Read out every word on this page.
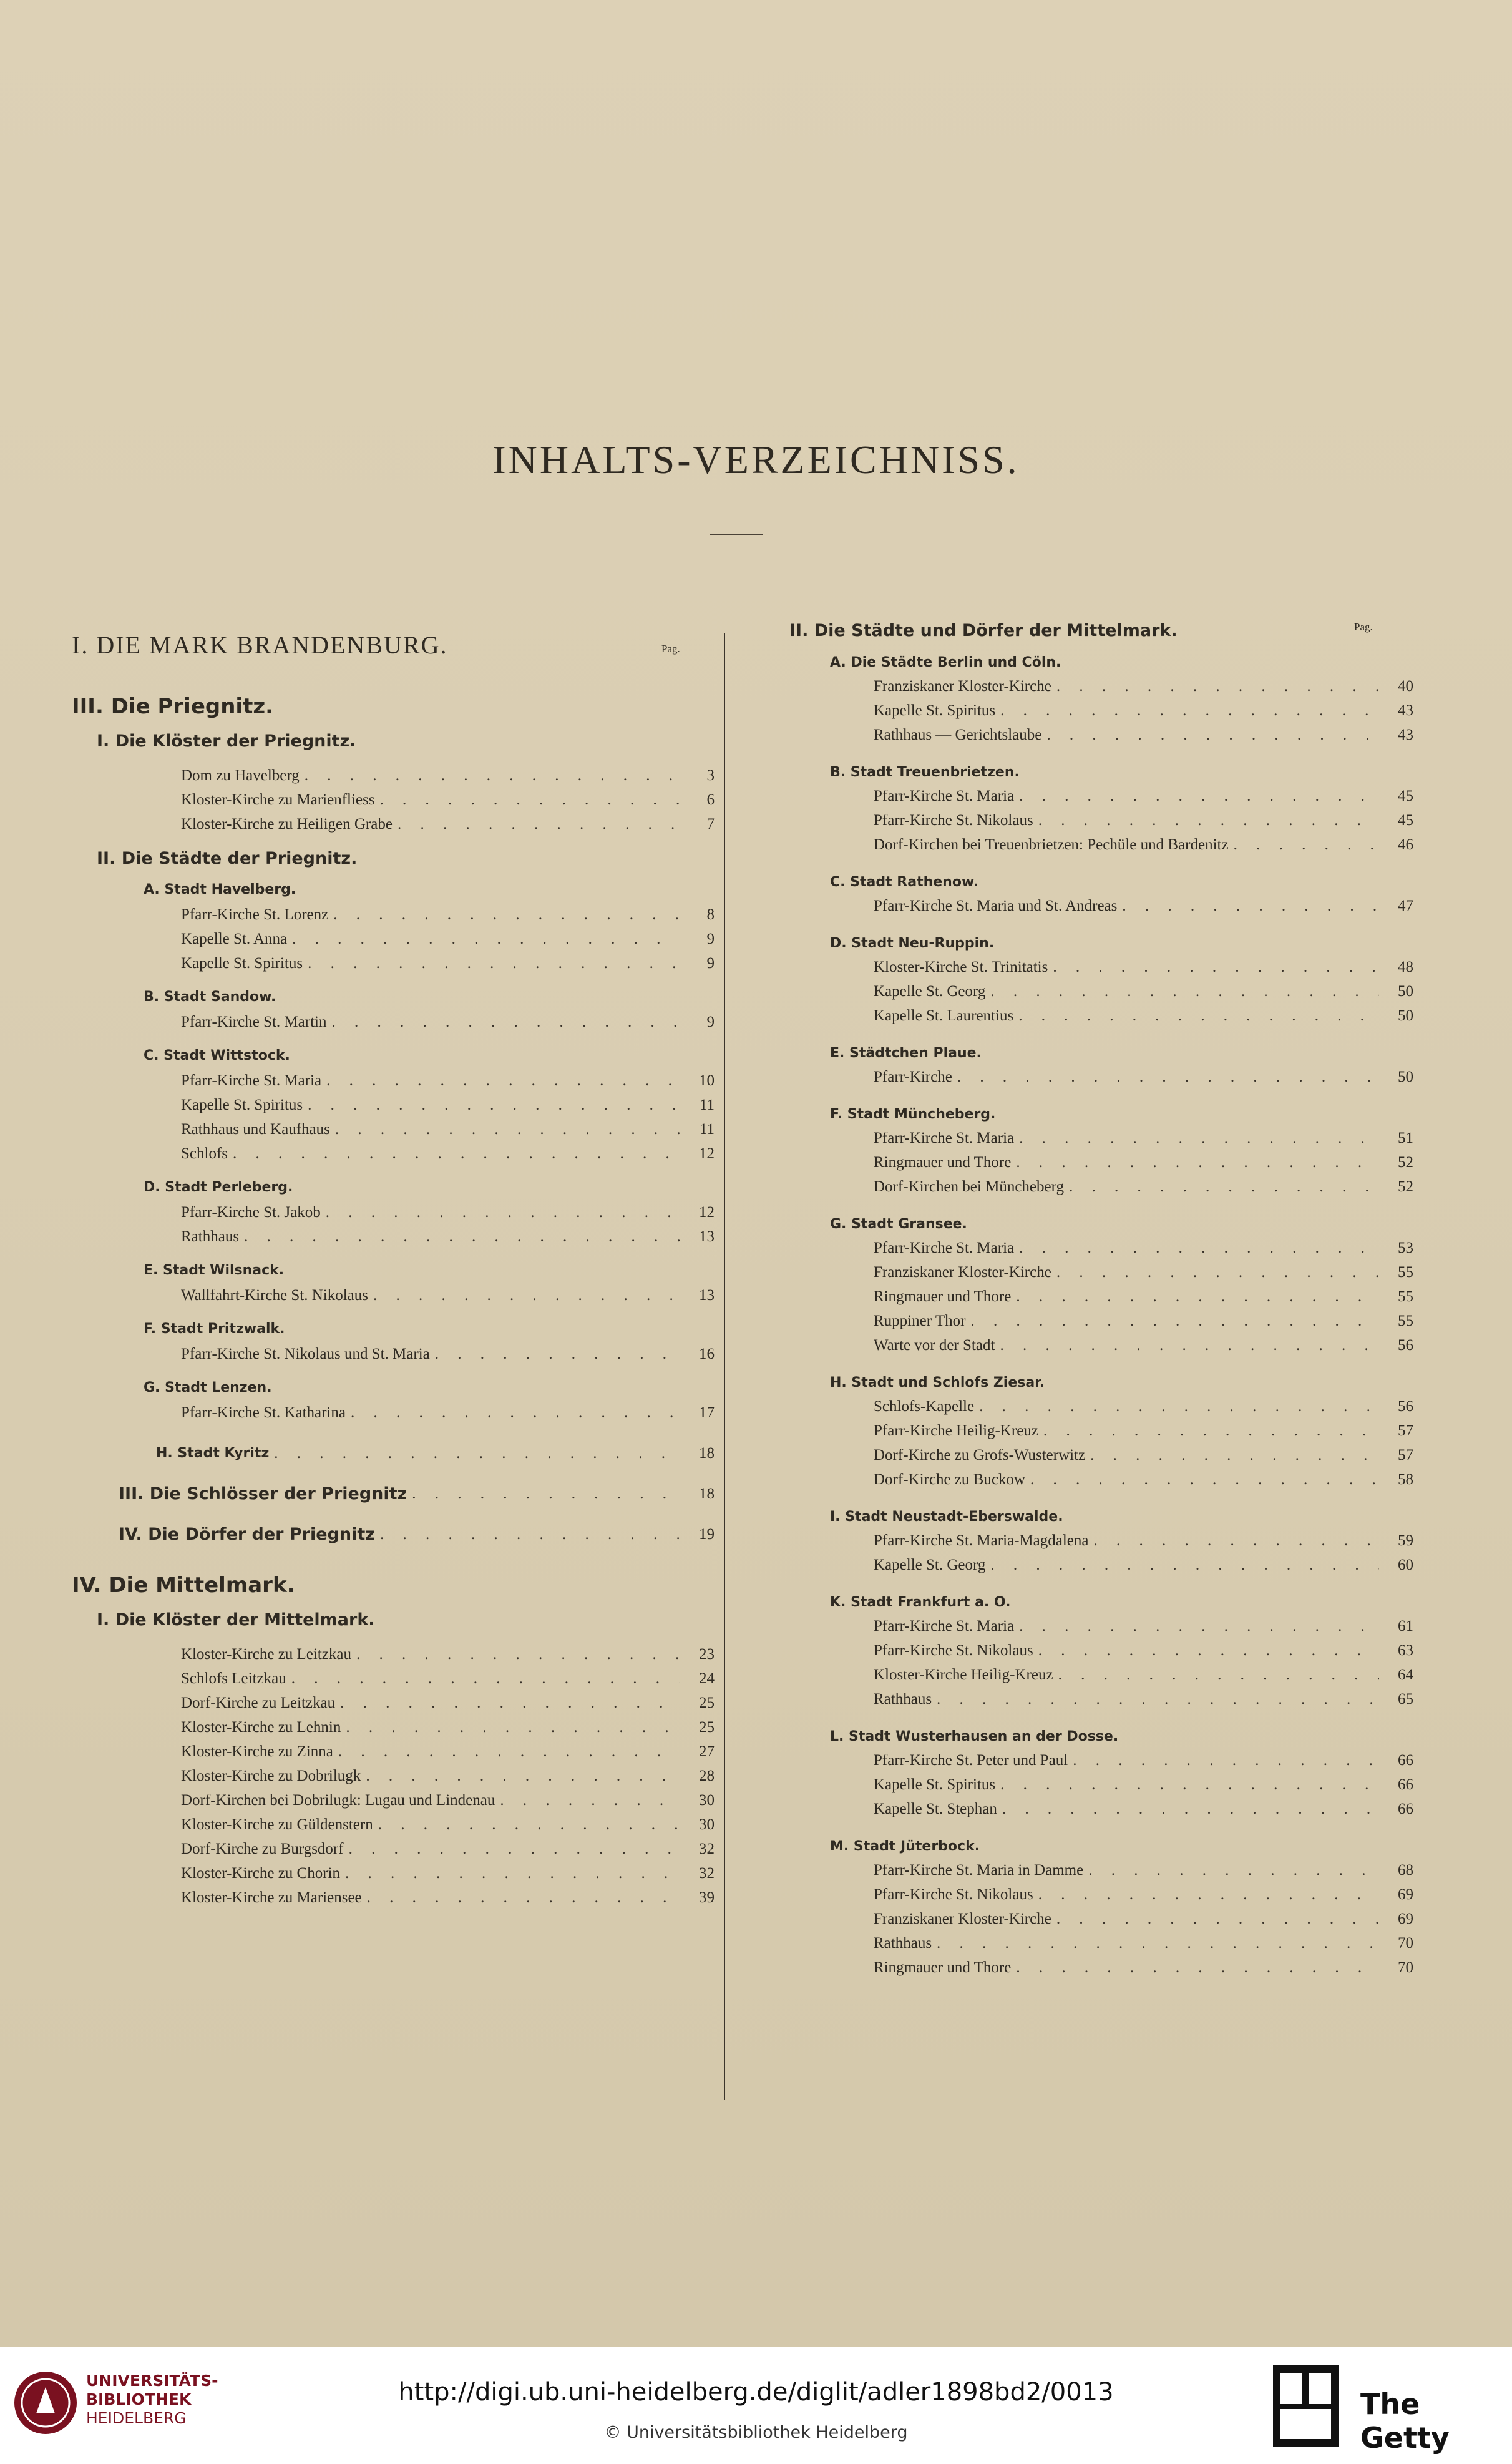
INHALTS-VERZEICHNISS.
I. DIE MARK BRANDENBURG.	Pag.
III. Die Priegnitz.
I. Die Klöster der Priegnitz.
Dom zu Havelberg . . .	3
Kloster-Kirche zu Marienfliess . . .	6
Kloster-Kirche zu Heiligen Grabe . . .	7
II. Die Städte der Priegnitz.
A. Stadt Havelberg.
Pfarr-Kirche St. Lorenz . . .	8
Kapelle St. Anna . . .	9
Kapelle St. Spiritus . . .	9
B. Stadt Sandow.
Pfarr-Kirche St. Martin . . .	9
C. Stadt Wittstock.
Pfarr-Kirche St. Maria . . .	10
Kapelle St. Spiritus . . .	11
Rathhaus und Kaufhaus . . .	11
Schlofs . . .	12
D. Stadt Perleberg.
Pfarr-Kirche St. Jakob . . .	12
Rathhaus . . .	13
E. Stadt Wilsnack.
Wallfahrt-Kirche St. Nikolaus . . .	13
F. Stadt Pritzwalk.
Pfarr-Kirche St. Nikolaus und St. Maria . . .	16
G. Stadt Lenzen.
Pfarr-Kirche St. Katharina . . .	17
H. Stadt Kyritz . . .	18
III. Die Schlösser der Priegnitz . . .	18
IV. Die Dörfer der Priegnitz . . .	19
IV. Die Mittelmark.
I. Die Klöster der Mittelmark.
Kloster-Kirche zu Leitzkau . . .	23
Schlofs Leitzkau . . .	24
Dorf-Kirche zu Leitzkau . . .	25
Kloster-Kirche zu Lehnin . . .	25
Kloster-Kirche zu Zinna . . .	27
Kloster-Kirche zu Dobrilugk . . .	28
Dorf-Kirchen bei Dobrilugk: Lugau und Lindenau . . .	30
Kloster-Kirche zu Güldenstern . . .	30
Dorf-Kirche zu Burgsdorf . . .	32
Kloster-Kirche zu Chorin . . .	32
Kloster-Kirche zu Mariensee . . .	39
II. Die Städte und Dörfer der Mittelmark.	Pag.
A. Die Städte Berlin und Cöln.
Franziskaner Kloster-Kirche . . .	40
Kapelle St. Spiritus . . .	43
Rathhaus — Gerichtslaube . . .	43
B. Stadt Treuenbrietzen.
Pfarr-Kirche St. Maria . . .	45
Pfarr-Kirche St. Nikolaus . . .	45
Dorf-Kirchen bei Treuenbrietzen: Pechüle und Bardenitz . . .	46
C. Stadt Rathenow.
Pfarr-Kirche St. Maria und St. Andreas . . .	47
D. Stadt Neu-Ruppin.
Kloster-Kirche St. Trinitatis . . .	48
Kapelle St. Georg . . .	50
Kapelle St. Laurentius . . .	50
E. Städtchen Plaue.
Pfarr-Kirche . . .	50
F. Stadt Müncheberg.
Pfarr-Kirche St. Maria . . .	51
Ringmauer und Thore . . .	52
Dorf-Kirchen bei Müncheberg . . .	52
G. Stadt Gransee.
Pfarr-Kirche St. Maria . . .	53
Franziskaner Kloster-Kirche . . .	55
Ringmauer und Thore . . .	55
Ruppiner Thor . . .	55
Warte vor der Stadt . . .	56
H. Stadt und Schlofs Ziesar.
Schlofs-Kapelle . . .	56
Pfarr-Kirche Heilig-Kreuz . . .	57
Dorf-Kirche zu Grofs-Wusterwitz . . .	57
Dorf-Kirche zu Buckow . . .	58
I. Stadt Neustadt-Eberswalde.
Pfarr-Kirche St. Maria-Magdalena . . .	59
Kapelle St. Georg . . .	60
K. Stadt Frankfurt a. O.
Pfarr-Kirche St. Maria . . .	61
Pfarr-Kirche St. Nikolaus . . .	63
Kloster-Kirche Heilig-Kreuz . . .	64
Rathhaus . . .	65
L. Stadt Wusterhausen an der Dosse.
Pfarr-Kirche St. Peter und Paul . . .	66
Kapelle St. Spiritus . . .	66
Kapelle St. Stephan . . .	66
M. Stadt Jüterbock.
Pfarr-Kirche St. Maria in Damme . . .	68
Pfarr-Kirche St. Nikolaus . . .	69
Franziskaner Kloster-Kirche . . .	69
Rathhaus . . .	70
Ringmauer und Thore . . .	70
UNIVERSITÄTS-
BIBLIOTHEK
HEIDELBERG
http://digi.ub.uni-heidelberg.de/diglit/adler1898bd2/0013
© Universitätsbibliothek Heidelberg
The Getty
